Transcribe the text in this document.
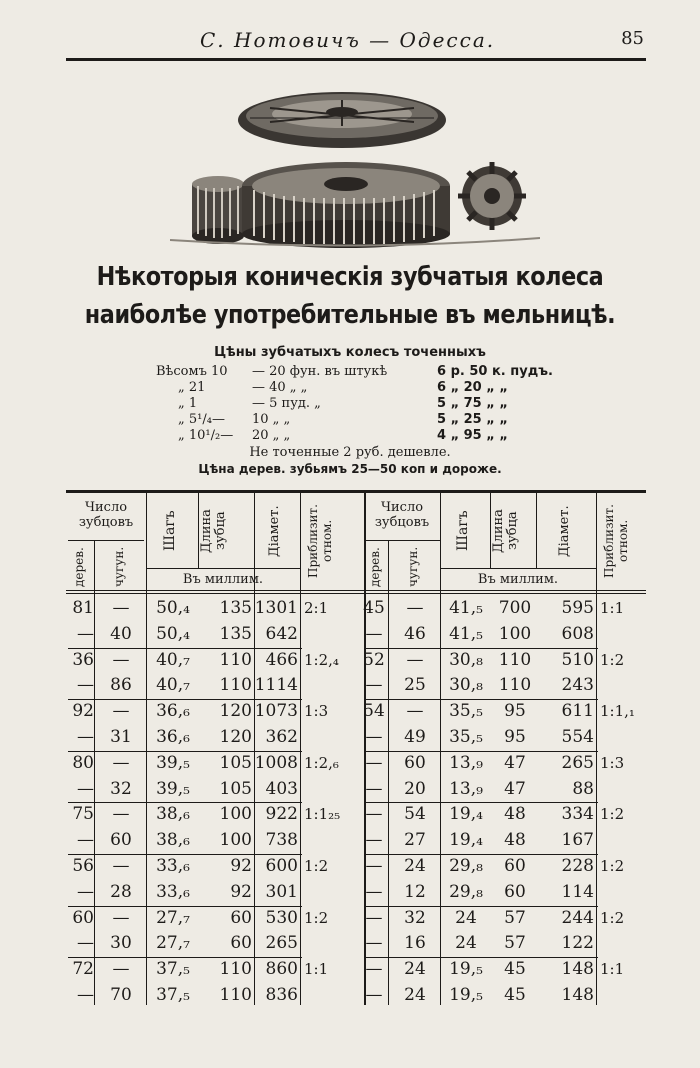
С. Нотовичъ — Одесса.	85
Нѣкоторыя коническія зубчатыя колеса
наиболѣе употребительные въ мельницѣ.
Цѣны зубчатыхъ колесъ точенныхъ
Вѣсомъ 10 — 20 фун. въ штукѣ	6 р. 50 к. пудъ.
„ 21	— 40 „ „	6 „ 20 „ „
„ 1	— 5 пуд. „	5 „ 75 „ „
„ 5¹/₄— 10 „ „	5 „ 25 „ „
„ 10¹/₂— 20 „ „	4 „ 95 „ „
Не точенные 2 руб. дешевле.
Цѣна дерев. зубьямъ 25—50 коп и дороже.
Число зубцовъ
дерев. чугун.
Шагъ Длина зубца	Діамет.
Въ миллим.
Приблизит. отном.
Число зубцовъ
дерев. чугун.
Шагъ Длина зубца	Діамет.
Въ миллим.
Приблизит. отном.
81	—	50,₄	135 1301 2:1
— 40	50,₄	135 642
36	—	40,₇	110 466 1:2,₄
— 86	40,₇	110 1114
92	—	36,₆	120 1073 1:3
— 31	36,₆	120 362
80	—	39,₅	105 1008 1:2,₆
— 32	39,₅	105 403
75	—	38,₆	100 922 1:1₂₅
— 60	38,₆	100 738
56	—	33,₆	92 600 1:2
— 28	33,₆	92 301
60	—	27,₇	60 530 1:2
— 30	27,₇	60 265
72	—	37,₅	110 860 1:1
— 70	37,₅	110 836
45	—	41,₅ 700	595 1:1
—	46	41,₅ 100	608
52	—	30,₈ 110	510 1:2
—	25	30,₈ 110	243
54	—	35,₅	95	611 1:1,₁
—	49	35,₅	95	554
—	60	13,₉	47	265 1:3
—	20	13,₉	47	88
—	54	19,₄	48	334 1:2
—	27	19,₄	48	167
—	24	29,₈	60	228 1:2
—	12	29,₈	60	114
—	32	24	57	244 1:2
—	16	24	57	122
—	24	19,₅	45	148 1:1
—	24	19,₅	45	148
